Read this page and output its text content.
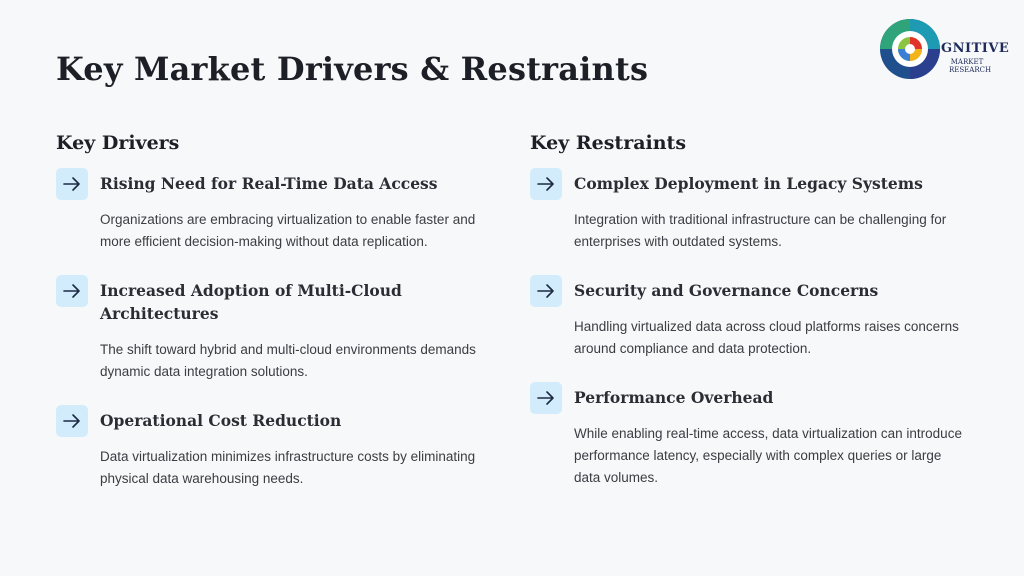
Key Market Drivers & Restraints
GNITIVE
MARKET
RESEARCH
Key Drivers
Rising Need for Real-Time Data Access

Organizations are embracing virtualization to enable faster and more efficient decision-making without data replication.

Increased Adoption of Multi-Cloud Architectures

The shift toward hybrid and multi-cloud environments demands dynamic data integration solutions.

Operational Cost Reduction

Data virtualization minimizes infrastructure costs by eliminating physical data warehousing needs.

Key Restraints
Complex Deployment in Legacy Systems

Integration with traditional infrastructure can be challenging for enterprises with outdated systems.

Security and Governance Concerns

Handling virtualized data across cloud platforms raises concerns around compliance and data protection.

Performance Overhead

While enabling real-time access, data virtualization can introduce performance latency, especially with complex queries or large data volumes.
